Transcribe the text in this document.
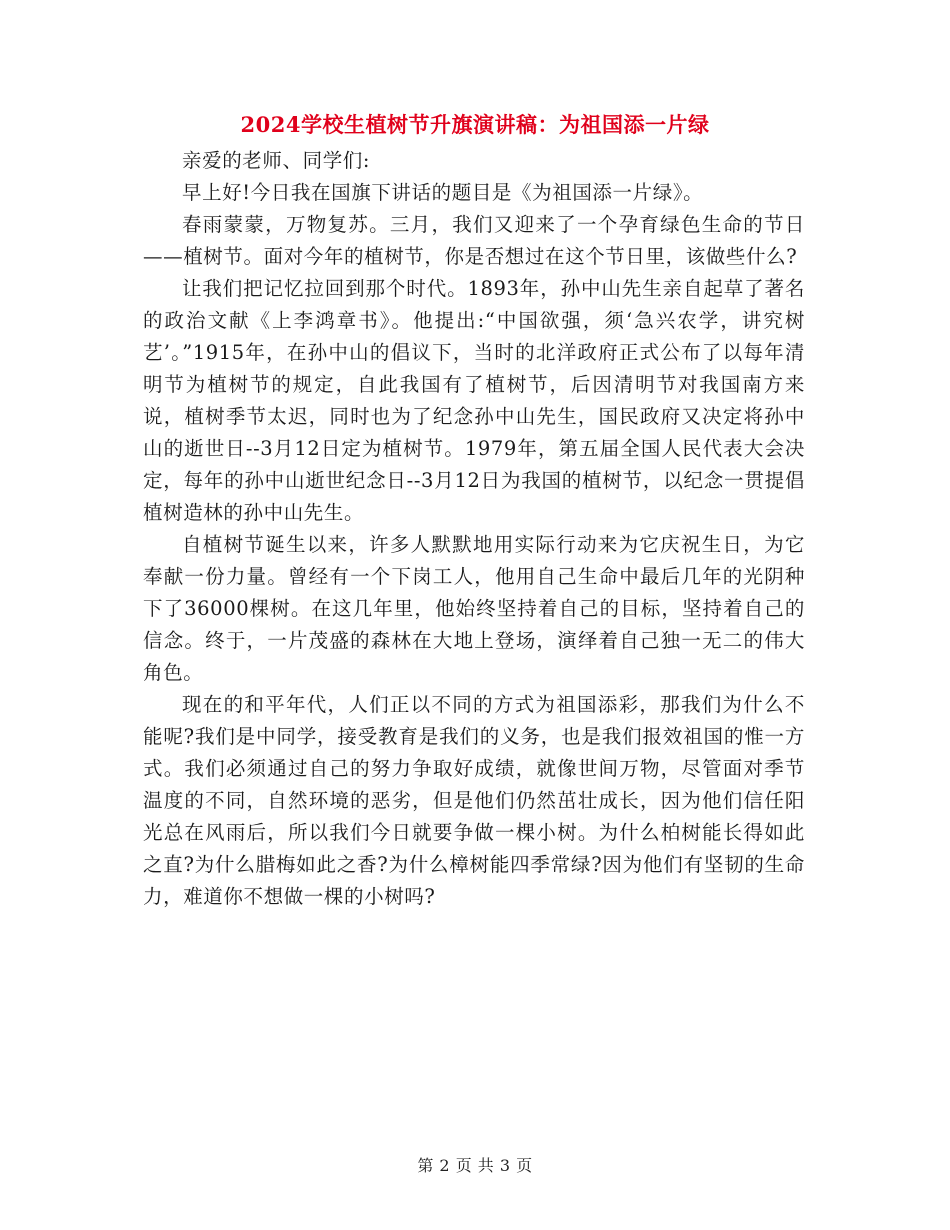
2024学校生植树节升旗演讲稿：为祖国添一片绿

亲爱的老师、同学们:

早上好!今日我在国旗下讲话的题目是《为祖国添一片绿》。

春雨蒙蒙，万物复苏。三月，我们又迎来了一个孕育绿色生命的节日——植树节。面对今年的植树节，你是否想过在这个节日里，该做些什么?

让我们把记忆拉回到那个时代。1893年，孙中山先生亲自起草了著名的政治文献《上李鸿章书》。他提出:“中国欲强，须‘急兴农学，讲究树艺’。”1915年，在孙中山的倡议下，当时的北洋政府正式公布了以每年清明节为植树节的规定，自此我国有了植树节，后因清明节对我国南方来说，植树季节太迟，同时也为了纪念孙中山先生，国民政府又决定将孙中山的逝世日--3月12日定为植树节。1979年，第五届全国人民代表大会决定，每年的孙中山逝世纪念日--3月12日为我国的植树节，以纪念一贯提倡植树造林的孙中山先生。

自植树节诞生以来，许多人默默地用实际行动来为它庆祝生日，为它奉献一份力量。曾经有一个下岗工人，他用自己生命中最后几年的光阴种下了36000棵树。在这几年里，他始终坚持着自己的目标，坚持着自己的信念。终于，一片茂盛的森林在大地上登场，演绎着自己独一无二的伟大角色。

现在的和平年代，人们正以不同的方式为祖国添彩，那我们为什么不能呢?我们是中同学，接受教育是我们的义务，也是我们报效祖国的惟一方式。我们必须通过自己的努力争取好成绩，就像世间万物，尽管面对季节温度的不同，自然环境的恶劣，但是他们仍然茁壮成长，因为他们信任阳光总在风雨后，所以我们今日就要争做一棵小树。为什么柏树能长得如此之直?为什么腊梅如此之香?为什么樟树能四季常绿?因为他们有坚韧的生命力，难道你不想做一棵的小树吗?

第 2 页 共 3 页
